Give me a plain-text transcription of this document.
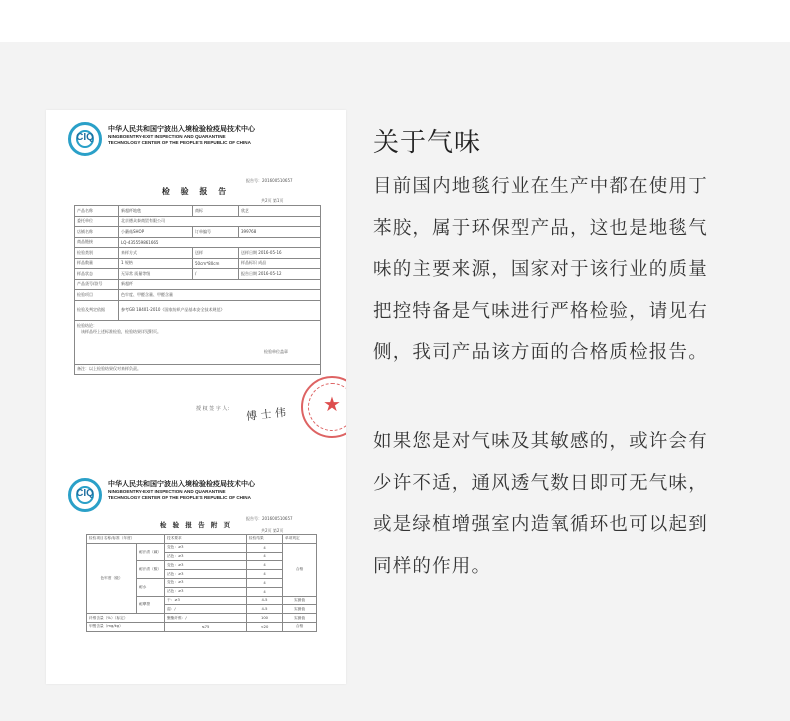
CIQ
中华人民共和国宁波出入境检验检疫局技术中心
NINGBOENTRY-EXIT INSPECTION AND QUARANTINE
TECHNOLOGY CENTER OF THE PEOPLE'S REPUBLIC OF CHINA
报告号：201600510657
检 验 报 告
共2页 第1页
产品名称	新超纤地毯	商标	欣艺
委托单位	北京德众泰商贸有限公司		
店铺名称	小蘑菇SHOP	订单编号	399768
商品链接	LQ-435559861665		
检验类别	来样方式	送样	送样日期 2016-05-16
样品数量	1 规格	50cm*80cm	样品标识 成品
样品状态	无异常 质量等级	/	报告日期 2016-05-12
产品货号/款号	新超纤		
检验项目	色牢度、甲醛含量、甲醛含量		
检验及判定依据	参考GB 18401-2010《国家纺织产品基本安全技术规范》		

检验结论：
该样品经上述标准检验，检验结果详见附页。
检验单位盖章			

备注：以上检验结果仅对来样负责。			
授 权 签 字 人： 傅 士 伟 ★
CIQ
中华人民共和国宁波出入境检验检疫局技术中心
NINGBOENTRY-EXIT INSPECTION AND QUARANTINE
TECHNOLOGY CENTER OF THE PEOPLE'S REPUBLIC OF CHINA
检 验 报 告 附 页
报告号：201600510657
共2页 第2页
检验项目名称/标准（年度）		技术要求	检验结果	单项判定
色牢度（级）	耐汗渍（碱）	变色：≥3	4	合格
		沾色：≥3	4	
	耐汗渍（酸）	变色：≥3	4	
		沾色：≥3	4	
	耐水	变色：≥3	4	
		沾色：≥3	4	
	耐摩擦	干：≥3	4-5	实测值
		湿：/	4-5	实测值
纤维含量（%）（标定）		聚酯纤维：/	100	实测值
甲醛含量（mg/kg）		≤75	<20	合格
关于气味
目前国内地毯行业在生产中都在使用丁
苯胶，属于环保型产品，这也是地毯气
味的主要来源，国家对于该行业的质量
把控特备是气味进行严格检验，请见右
侧，我司产品该方面的合格质检报告。
如果您是对气味及其敏感的，或许会有
少许不适，通风透气数日即可无气味，
或是绿植增强室内造氧循环也可以起到
同样的作用。
